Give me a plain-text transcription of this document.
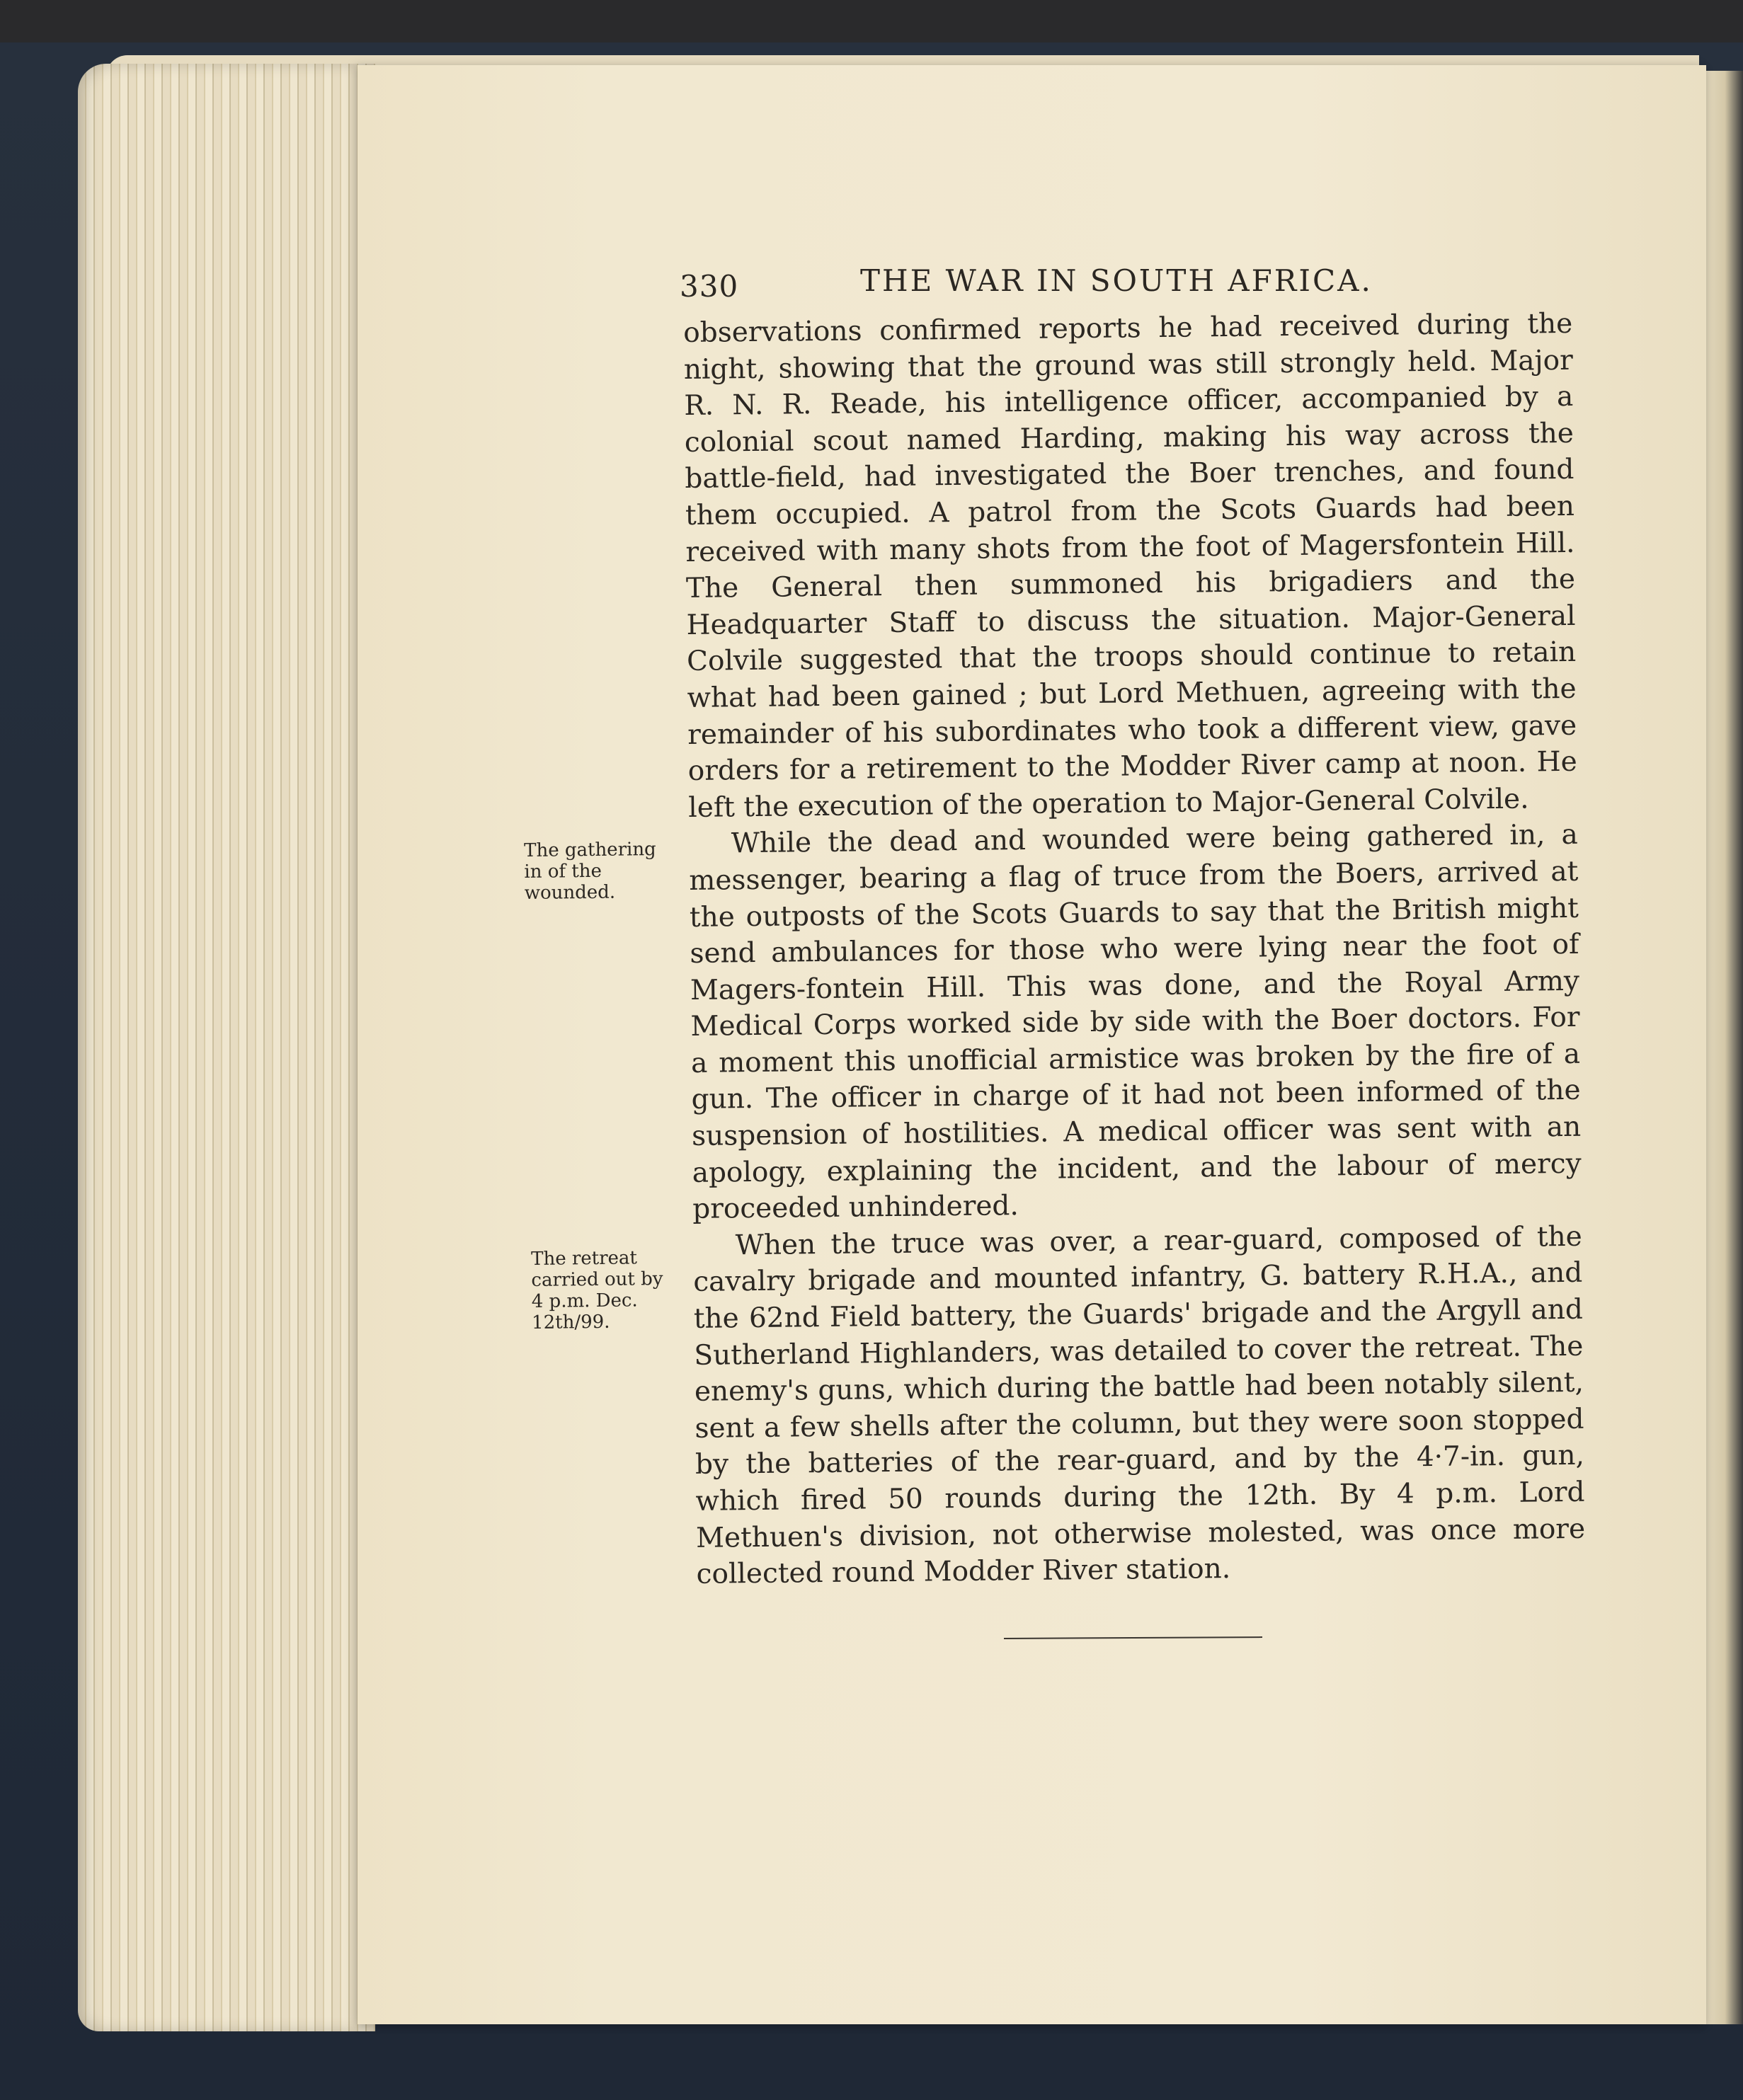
330	THE WAR IN SOUTH AFRICA.

observations confirmed reports he had received during the night, showing that the ground was still strongly held. Major R. N. R. Reade, his intelligence officer, accompanied by a colonial scout named Harding, making his way across the battle-field, had investigated the Boer trenches, and found them occupied. A patrol from the Scots Guards had been received with many shots from the foot of Magersfontein Hill. The General then summoned his brigadiers and the Headquarter Staff to discuss the situation. Major-General Colvile suggested that the troops should continue to retain what had been gained ; but Lord Methuen, agreeing with the remainder of his subordinates who took a different view, gave orders for a retirement to the Modder River camp at noon. He left the execution of the operation to Major-General Colvile.

While the dead and wounded were being gathered in, a messenger, bearing a flag of truce from the Boers, arrived at the outposts of the Scots Guards to say that the British might send ambulances for those who were lying near the foot of Magers-fontein Hill. This was done, and the Royal Army Medical Corps worked side by side with the Boer doctors. For a moment this unofficial armistice was broken by the fire of a gun. The officer in charge of it had not been informed of the suspension of hostilities. A medical officer was sent with an apology, explaining the incident, and the labour of mercy proceeded unhindered.

When the truce was over, a rear-guard, composed of the cavalry brigade and mounted infantry, G. battery R.H.A., and the 62nd Field battery, the Guards' brigade and the Argyll and Sutherland Highlanders, was detailed to cover the retreat. The enemy's guns, which during the battle had been notably silent, sent a few shells after the column, but they were soon stopped by the batteries of the rear-guard, and by the 4·7-in. gun, which fired 50 rounds during the 12th. By 4 p.m. Lord Methuen's division, not otherwise molested, was once more collected round Modder River station.

The gathering in of the wounded.
The retreat carried out by 4 p.m. Dec. 12th/99.
